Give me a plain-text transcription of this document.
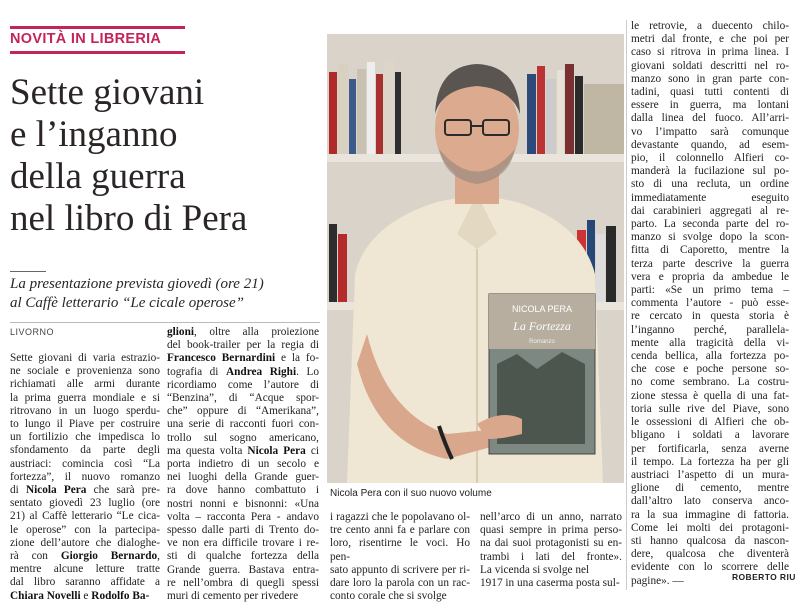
NOVITÀ IN LIBRERIA
Sette giovani
e l’inganno
della guerra
nel libro di Pera
La presentazione prevista giovedì (ore 21)
al Caffè letterario “Le cicale operose”
LIVORNO
Sette giovani di varia estrazio-
ne sociale e provenienza sono
richiamati alle armi durante
la prima guerra mondiale e si
ritrovano in un luogo sperdu-
to lungo il Piave per costruire
un fortilizio che impedisca lo
sfondamento da parte degli
austriaci: comincia così “La
fortezza”, il nuovo romanzo
di Nicola Pera che sarà pre-
sentato giovedì 23 luglio (ore
21) al Caffè letterario “Le cica-
le operose” con la partecipa-
zione dell’autore che dialoghe-
rà con Giorgio Bernardo,
mentre alcune letture tratte
dal libro saranno affidate a
Chiara Novelli e Rodolfo Ba-
glioni, oltre alla proiezione
del book-trailer per la regia di
Francesco Bernardini e la fo-
tografia di Andrea Righi. Lo
ricordiamo come l’autore di
“Benzina”, di “Acque spor-
che” oppure di “Amerikana”,
una serie di racconti fuori con-
trollo sul sogno americano,
ma questa volta Nicola Pera ci
porta indietro di un secolo e
nei luoghi della Grande guer-
ra dove hanno combattuto i
nostri nonni e bisnonni: «Una
volta – racconta Pera - andavo
spesso dalle parti di Trento do-
ve non era difficile trovare i re-
sti di qualche fortezza della
Grande guerra. Bastava entra-
re nell’ombra di quegli spessi
muri di cemento per rivedere
i ragazzi che le popolavano ol-
tre cento anni fa e parlare con
loro, risentirne le voci. Ho pen-
sato appunto di scrivere per ri-
dare loro la parola con un rac-
conto corale che si svolge
nell’arco di un anno, narrato
quasi sempre in prima perso-
na dai suoi protagonisti su en-
trambi i lati del fronte».
La vicenda si svolge nel
1917 in una caserma posta sul-
le retrovie, a duecento chilo-
metri dal fronte, e che poi per
caso si ritrova in prima linea. I
giovani soldati descritti nel ro-
manzo sono in gran parte con-
tadini, quasi tutti contenti di
essere in guerra, ma lontani
dalla linea del fuoco. All’arri-
vo l’impatto sarà comunque
devastante quando, ad esem-
pio, il colonnello Alfieri co-
manderà la fucilazione sul po-
sto di una recluta, un ordine
immediatamente eseguito
dai carabinieri aggregati al re-
parto. La seconda parte del ro-
manzo si svolge dopo la scon-
fitta di Caporetto, mentre la
terza parte descrive la guerra
vera e propria da ambedue le
parti: «Se un primo tema –
commenta l’autore - può esse-
re cercato in questa storia è
l’inganno perché, parallela-
mente alla tragicità della vi-
cenda bellica, alla fortezza po-
che cose e poche persone so-
no come sembrano. La costru-
zione stessa è quella di una fat-
toria sulle rive del Piave, sono
le ossessioni di Alfieri che ob-
bligano i soldati a lavorare
per fortificarla, senza averne
il tempo. La fortezza ha per gli
austriaci l’aspetto di un mura-
glione di cemento, mentre
dall’altro lato conserva anco-
ra la sua immagine di fattoria.
Come lei molti dei protagoni-
sti hanno qualcosa da nascon-
dere, qualcosa che diventerà
evidente con lo scorrere delle
pagine». —
NICOLA PERA
La Fortezza
Romanzo
Nicola Pera con il suo nuovo volume
ROBERTO RIU
